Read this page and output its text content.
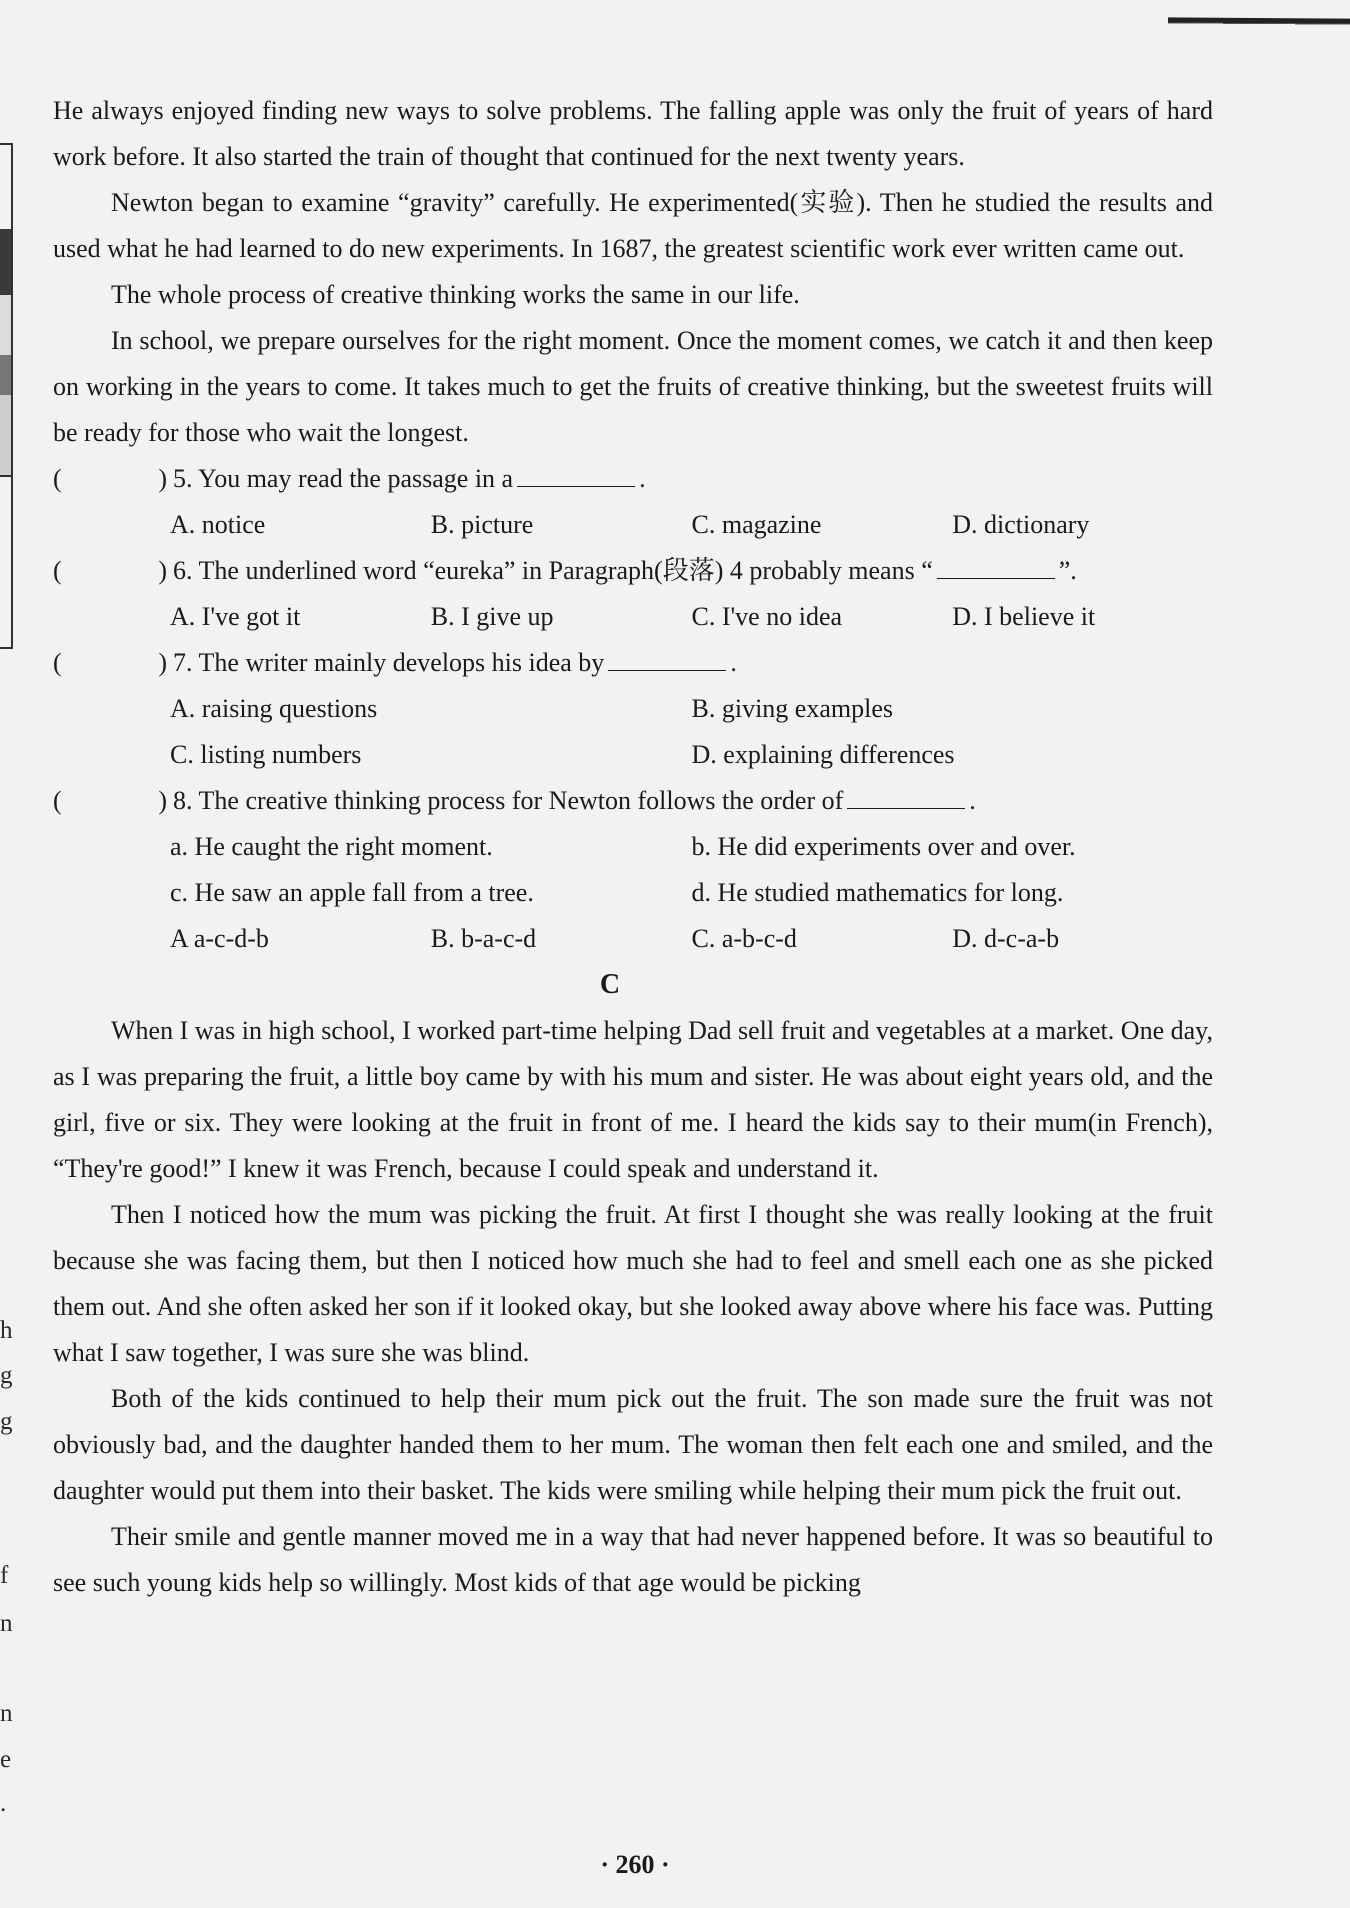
h
g
g
f
n
n
e
.

He always enjoyed finding new ways to solve problems. The falling apple was only the fruit of years of hard work before. It also started the train of thought that continued for the next twenty years.

Newton began to examine “gravity” carefully. He experimented(实验). Then he studied the results and used what he had learned to do new experiments. In 1687, the greatest scientific work ever written came out.

The whole process of creative thinking works the same in our life.

In school, we prepare ourselves for the right moment. Once the moment comes, we catch it and then keep on working in the years to come. It takes much to get the fruits of creative thinking, but the sweetest fruits will be ready for those who wait the longest.

(	) 5. You may read the passage in a	.
A. notice	B. picture	C. magazine	D. dictionary
(	) 6. The underlined word “eureka” in Paragraph(段落) 4 probably means “	”.
A. I've got it	B. I give up	C. I've no idea	D. I believe it
(	) 7. The writer mainly develops his idea by	.
A. raising questions	B. giving examples
C. listing numbers	D. explaining differences
(	) 8. The creative thinking process for Newton follows the order of	.
a. He caught the right moment.	b. He did experiments over and over.
c. He saw an apple fall from a tree.	d. He studied mathematics for long.
A a-c-d-b	B. b-a-c-d	C. a-b-c-d	D. d-c-a-b
C

When I was in high school, I worked part-time helping Dad sell fruit and vegetables at a market. One day, as I was preparing the fruit, a little boy came by with his mum and sister. He was about eight years old, and the girl, five or six. They were looking at the fruit in front of me. I heard the kids say to their mum(in French), “They're good!” I knew it was French, because I could speak and understand it.

Then I noticed how the mum was picking the fruit. At first I thought she was really looking at the fruit because she was facing them, but then I noticed how much she had to feel and smell each one as she picked them out. And she often asked her son if it looked okay, but she looked away above where his face was. Putting what I saw together, I was sure she was blind.

Both of the kids continued to help their mum pick out the fruit. The son made sure the fruit was not obviously bad, and the daughter handed them to her mum. The woman then felt each one and smiled, and the daughter would put them into their basket. The kids were smiling while helping their mum pick the fruit out.

Their smile and gentle manner moved me in a way that had never happened before. It was so beautiful to see such young kids help so willingly. Most kids of that age would be picking

· 260 ·
